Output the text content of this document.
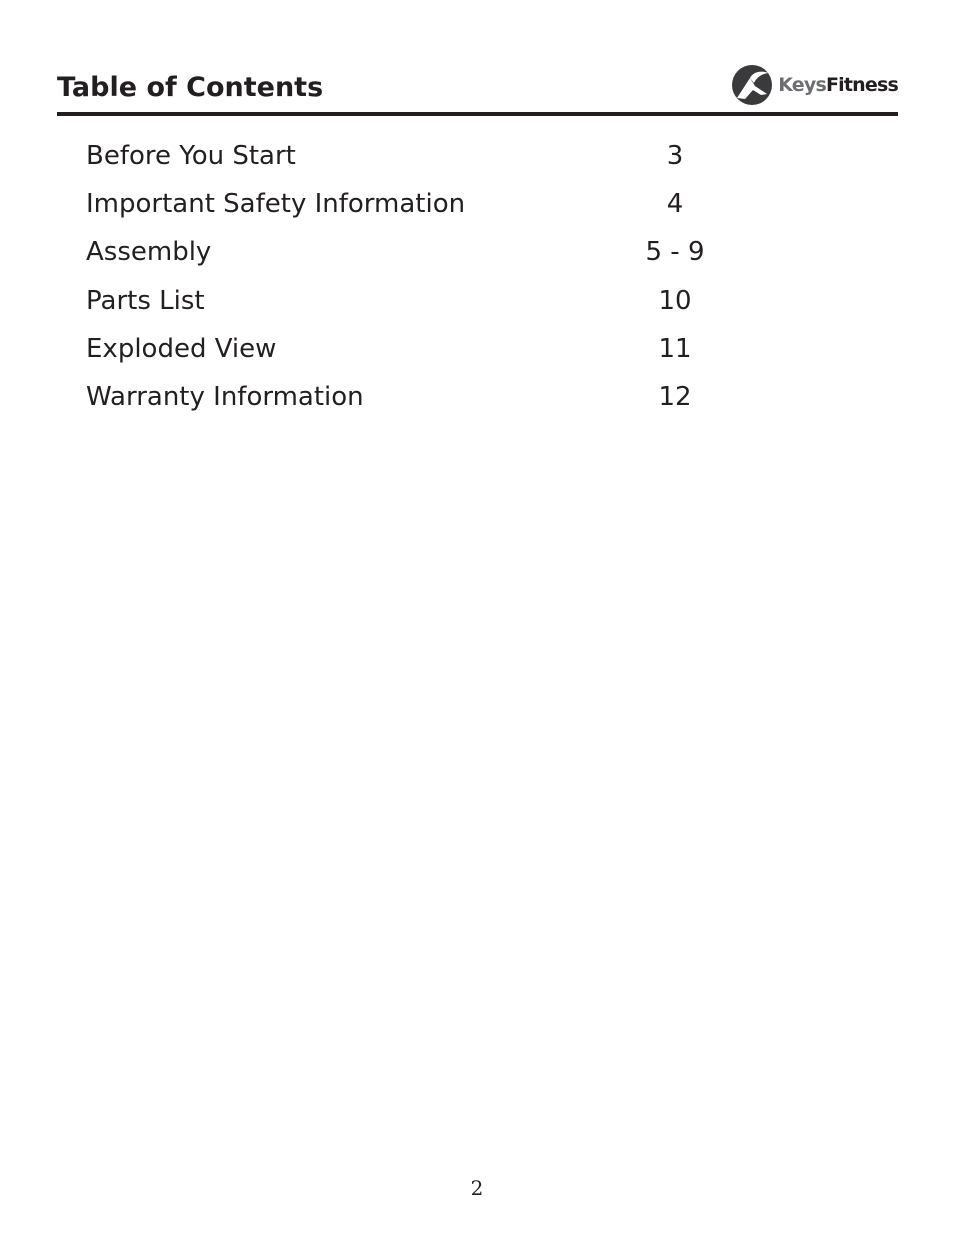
Table of Contents	KeysFitness
Before You Start	3
Important Safety Information	4
Assembly	5 - 9
Parts List	10
Exploded View	11
Warranty Information	12
2
